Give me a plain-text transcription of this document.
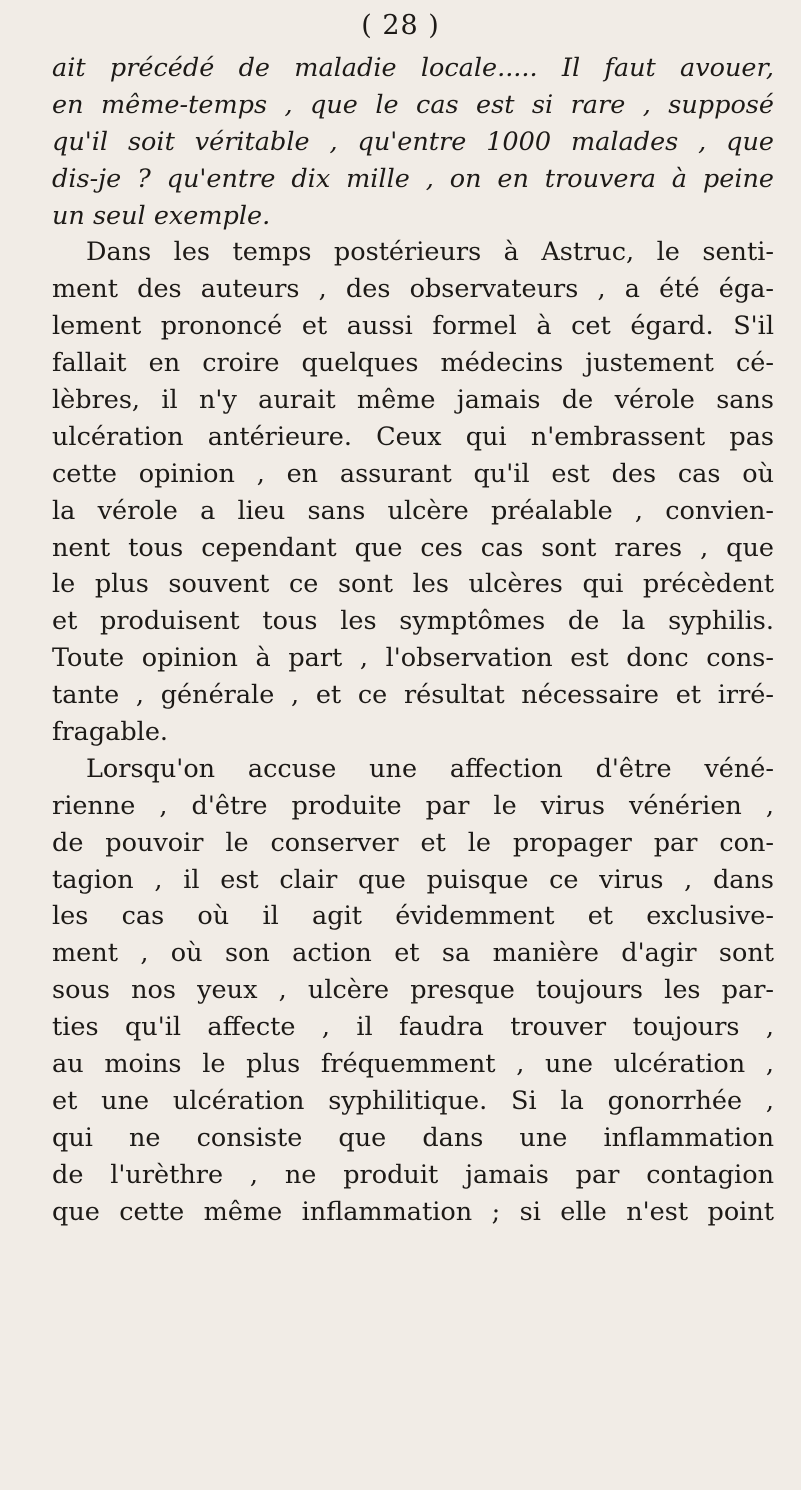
( 28 )
ait précédé de maladie locale..... Il faut avouer,
en même-temps , que le cas est si rare , supposé
qu'il soit véritable , qu'entre 1000 malades , que
dis-je ? qu'entre dix mille , on en trouvera à peine
un seul exemple.
Dans les temps postérieurs à Astruc, le senti-
ment des auteurs , des observateurs , a été éga-
lement prononcé et aussi formel à cet égard. S'il
fallait en croire quelques médecins justement cé-
lèbres, il n'y aurait même jamais de vérole sans
ulcération antérieure. Ceux qui n'embrassent pas
cette opinion , en assurant qu'il est des cas où
la vérole a lieu sans ulcère préalable , convien-
nent tous cependant que ces cas sont rares , que
le plus souvent ce sont les ulcères qui précèdent
et produisent tous les symptômes de la syphilis.
Toute opinion à part , l'observation est donc cons-
tante , générale , et ce résultat nécessaire et irré-
fragable.
Lorsqu'on accuse une affection d'être véné-
rienne , d'être produite par le virus vénérien ,
de pouvoir le conserver et le propager par con-
tagion , il est clair que puisque ce virus , dans
les cas où il agit évidemment et exclusive-
ment , où son action et sa manière d'agir sont
sous nos yeux , ulcère presque toujours les par-
ties qu'il affecte , il faudra trouver toujours ,
au moins le plus fréquemment , une ulcération ,
et une ulcération syphilitique. Si la gonorrhée ,
qui ne consiste que dans une inflammation
de l'urèthre , ne produit jamais par contagion
que cette même inflammation ; si elle n'est point
